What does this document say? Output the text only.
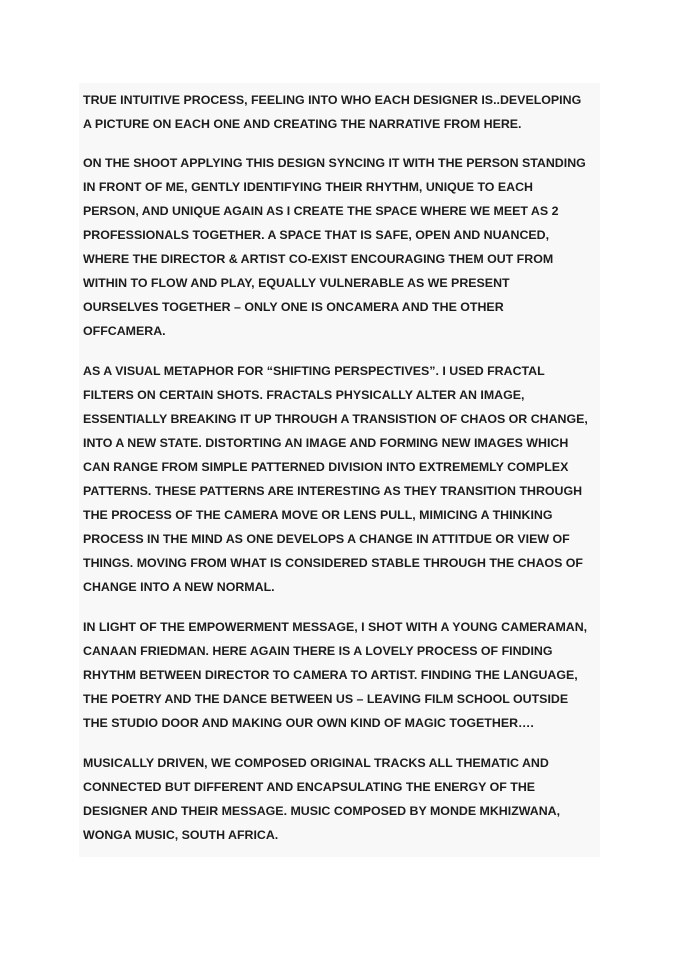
TRUE INTUITIVE PROCESS, FEELING INTO WHO EACH DESIGNER IS..DEVELOPING
A PICTURE ON EACH ONE AND CREATING THE NARRATIVE FROM HERE.

ON THE SHOOT APPLYING THIS DESIGN SYNCING IT WITH THE PERSON STANDING
IN FRONT OF ME, GENTLY IDENTIFYING THEIR RHYTHM, UNIQUE TO EACH
PERSON, AND UNIQUE AGAIN AS I CREATE THE SPACE WHERE WE MEET AS 2
PROFESSIONALS TOGETHER. A SPACE THAT IS SAFE, OPEN AND NUANCED,
WHERE THE DIRECTOR & ARTIST CO-EXIST ENCOURAGING THEM OUT FROM
WITHIN TO FLOW AND PLAY, EQUALLY VULNERABLE AS WE PRESENT
OURSELVES TOGETHER – ONLY ONE IS ONCAMERA AND THE OTHER
OFFCAMERA.

AS A VISUAL METAPHOR FOR “SHIFTING PERSPECTIVES”. I USED FRACTAL
FILTERS ON CERTAIN SHOTS. FRACTALS PHYSICALLY ALTER AN IMAGE,
ESSENTIALLY BREAKING IT UP THROUGH A TRANSISTION OF CHAOS OR CHANGE,
INTO A NEW STATE. DISTORTING AN IMAGE AND FORMING NEW IMAGES WHICH
CAN RANGE FROM SIMPLE PATTERNED DIVISION INTO EXTREMEMLY COMPLEX
PATTERNS. THESE PATTERNS ARE INTERESTING AS THEY TRANSITION THROUGH
THE PROCESS OF THE CAMERA MOVE OR LENS PULL, MIMICING A THINKING
PROCESS IN THE MIND AS ONE DEVELOPS A CHANGE IN ATTITDUE OR VIEW OF
THINGS. MOVING FROM WHAT IS CONSIDERED STABLE THROUGH THE CHAOS OF
CHANGE INTO A NEW NORMAL.

IN LIGHT OF THE EMPOWERMENT MESSAGE, I SHOT WITH A YOUNG CAMERAMAN,
CANAAN FRIEDMAN. HERE AGAIN THERE IS A LOVELY PROCESS OF FINDING
RHYTHM BETWEEN DIRECTOR TO CAMERA TO ARTIST. FINDING THE LANGUAGE,
THE POETRY AND THE DANCE BETWEEN US – LEAVING FILM SCHOOL OUTSIDE
THE STUDIO DOOR AND MAKING OUR OWN KIND OF MAGIC TOGETHER….

MUSICALLY DRIVEN, WE COMPOSED ORIGINAL TRACKS ALL THEMATIC AND
CONNECTED BUT DIFFERENT AND ENCAPSULATING THE ENERGY OF THE
DESIGNER AND THEIR MESSAGE. MUSIC COMPOSED BY MONDE MKHIZWANA,
WONGA MUSIC, SOUTH AFRICA.
